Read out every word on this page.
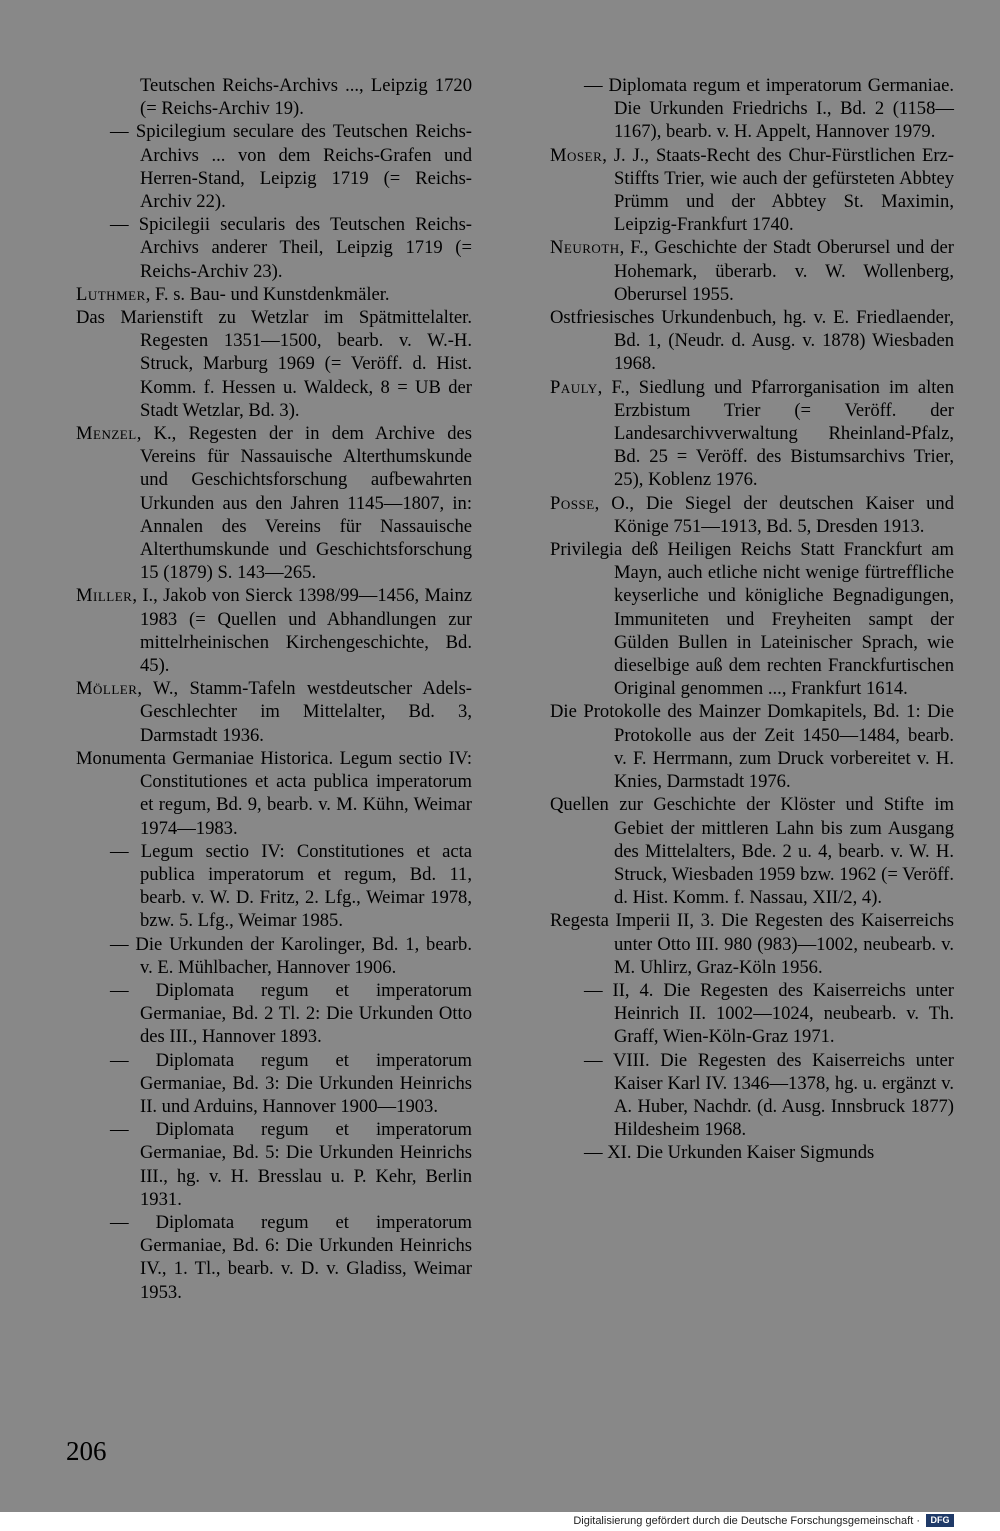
Teutschen Reichs-Archivs ..., Leipzig 1720 (= Reichs-Archiv 19).

— Spicilegium seculare des Teutschen Reichs-Archivs ... von dem Reichs-Grafen und Herren-Stand, Leipzig 1719 (= Reichs-Archiv 22).

— Spicilegii secularis des Teutschen Reichs-Archivs anderer Theil, Leipzig 1719 (= Reichs-Archiv 23).

Luthmer, F. s. Bau- und Kunstdenkmäler.

Das Marienstift zu Wetzlar im Spätmittelalter. Regesten 1351—1500, bearb. v. W.-H. Struck, Marburg 1969 (= Veröff. d. Hist. Komm. f. Hessen u. Waldeck, 8 = UB der Stadt Wetzlar, Bd. 3).

Menzel, K., Regesten der in dem Archive des Vereins für Nassauische Alterthumskunde und Geschichtsforschung aufbewahrten Urkunden aus den Jahren 1145—1807, in: Annalen des Vereins für Nassauische Alterthumskunde und Geschichtsforschung 15 (1879) S. 143—265.

Miller, I., Jakob von Sierck 1398/99—1456, Mainz 1983 (= Quellen und Abhandlungen zur mittelrheinischen Kirchengeschichte, Bd. 45).

Möller, W., Stamm-Tafeln westdeutscher Adels-Geschlechter im Mittelalter, Bd. 3, Darmstadt 1936.

Monumenta Germaniae Historica. Legum sectio IV: Constitutiones et acta publica imperatorum et regum, Bd. 9, bearb. v. M. Kühn, Weimar 1974—1983.

— Legum sectio IV: Constitutiones et acta publica imperatorum et regum, Bd. 11, bearb. v. W. D. Fritz, 2. Lfg., Weimar 1978, bzw. 5. Lfg., Weimar 1985.

— Die Urkunden der Karolinger, Bd. 1, bearb. v. E. Mühlbacher, Hannover 1906.

— Diplomata regum et imperatorum Germaniae, Bd. 2 Tl. 2: Die Urkunden Otto des III., Hannover 1893.

— Diplomata regum et imperatorum Germaniae, Bd. 3: Die Urkunden Heinrichs II. und Arduins, Hannover 1900—1903.

— Diplomata regum et imperatorum Germaniae, Bd. 5: Die Urkunden Heinrichs III., hg. v. H. Bresslau u. P. Kehr, Berlin 1931.

— Diplomata regum et imperatorum Germaniae, Bd. 6: Die Urkunden Heinrichs IV., 1. Tl., bearb. v. D. v. Gladiss, Weimar 1953.

— Diplomata regum et imperatorum Germaniae. Die Urkunden Friedrichs I., Bd. 2 (1158—1167), bearb. v. H. Appelt, Hannover 1979.

Moser, J. J., Staats-Recht des Chur-Fürstlichen Erz-Stiffts Trier, wie auch der gefürsteten Abbtey Prümm und der Abbtey St. Maximin, Leipzig-Frankfurt 1740.

Neuroth, F., Geschichte der Stadt Oberursel und der Hohemark, überarb. v. W. Wollenberg, Oberursel 1955.

Ostfriesisches Urkundenbuch, hg. v. E. Friedlaender, Bd. 1, (Neudr. d. Ausg. v. 1878) Wiesbaden 1968.

Pauly, F., Siedlung und Pfarrorganisation im alten Erzbistum Trier (= Veröff. der Landesarchivverwaltung Rheinland-Pfalz, Bd. 25 = Veröff. des Bistumsarchivs Trier, 25), Koblenz 1976.

Posse, O., Die Siegel der deutschen Kaiser und Könige 751—1913, Bd. 5, Dresden 1913.

Privilegia deß Heiligen Reichs Statt Franckfurt am Mayn, auch etliche nicht wenige fürtreffliche keyserliche und königliche Begnadigungen, Immuniteten und Freyheiten sampt der Gülden Bullen in Lateinischer Sprach, wie dieselbige auß dem rechten Franckfurtischen Original genommen ..., Frankfurt 1614.

Die Protokolle des Mainzer Domkapitels, Bd. 1: Die Protokolle aus der Zeit 1450—1484, bearb. v. F. Herrmann, zum Druck vorbereitet v. H. Knies, Darmstadt 1976.

Quellen zur Geschichte der Klöster und Stifte im Gebiet der mittleren Lahn bis zum Ausgang des Mittelalters, Bde. 2 u. 4, bearb. v. W. H. Struck, Wiesbaden 1959 bzw. 1962 (= Veröff. d. Hist. Komm. f. Nassau, XII/2, 4).

Regesta Imperii II, 3. Die Regesten des Kaiserreichs unter Otto III. 980 (983)—1002, neubearb. v. M. Uhlirz, Graz-Köln 1956.

— II, 4. Die Regesten des Kaiserreichs unter Heinrich II. 1002—1024, neubearb. v. Th. Graff, Wien-Köln-Graz 1971.

— VIII. Die Regesten des Kaiserreichs unter Kaiser Karl IV. 1346—1378, hg. u. ergänzt v. A. Huber, Nachdr. (d. Ausg. Innsbruck 1877) Hildesheim 1968.

— XI. Die Urkunden Kaiser Sigmunds

206
Digitalisierung gefördert durch die Deutsche Forschungsgemeinschaft ·	DFG
